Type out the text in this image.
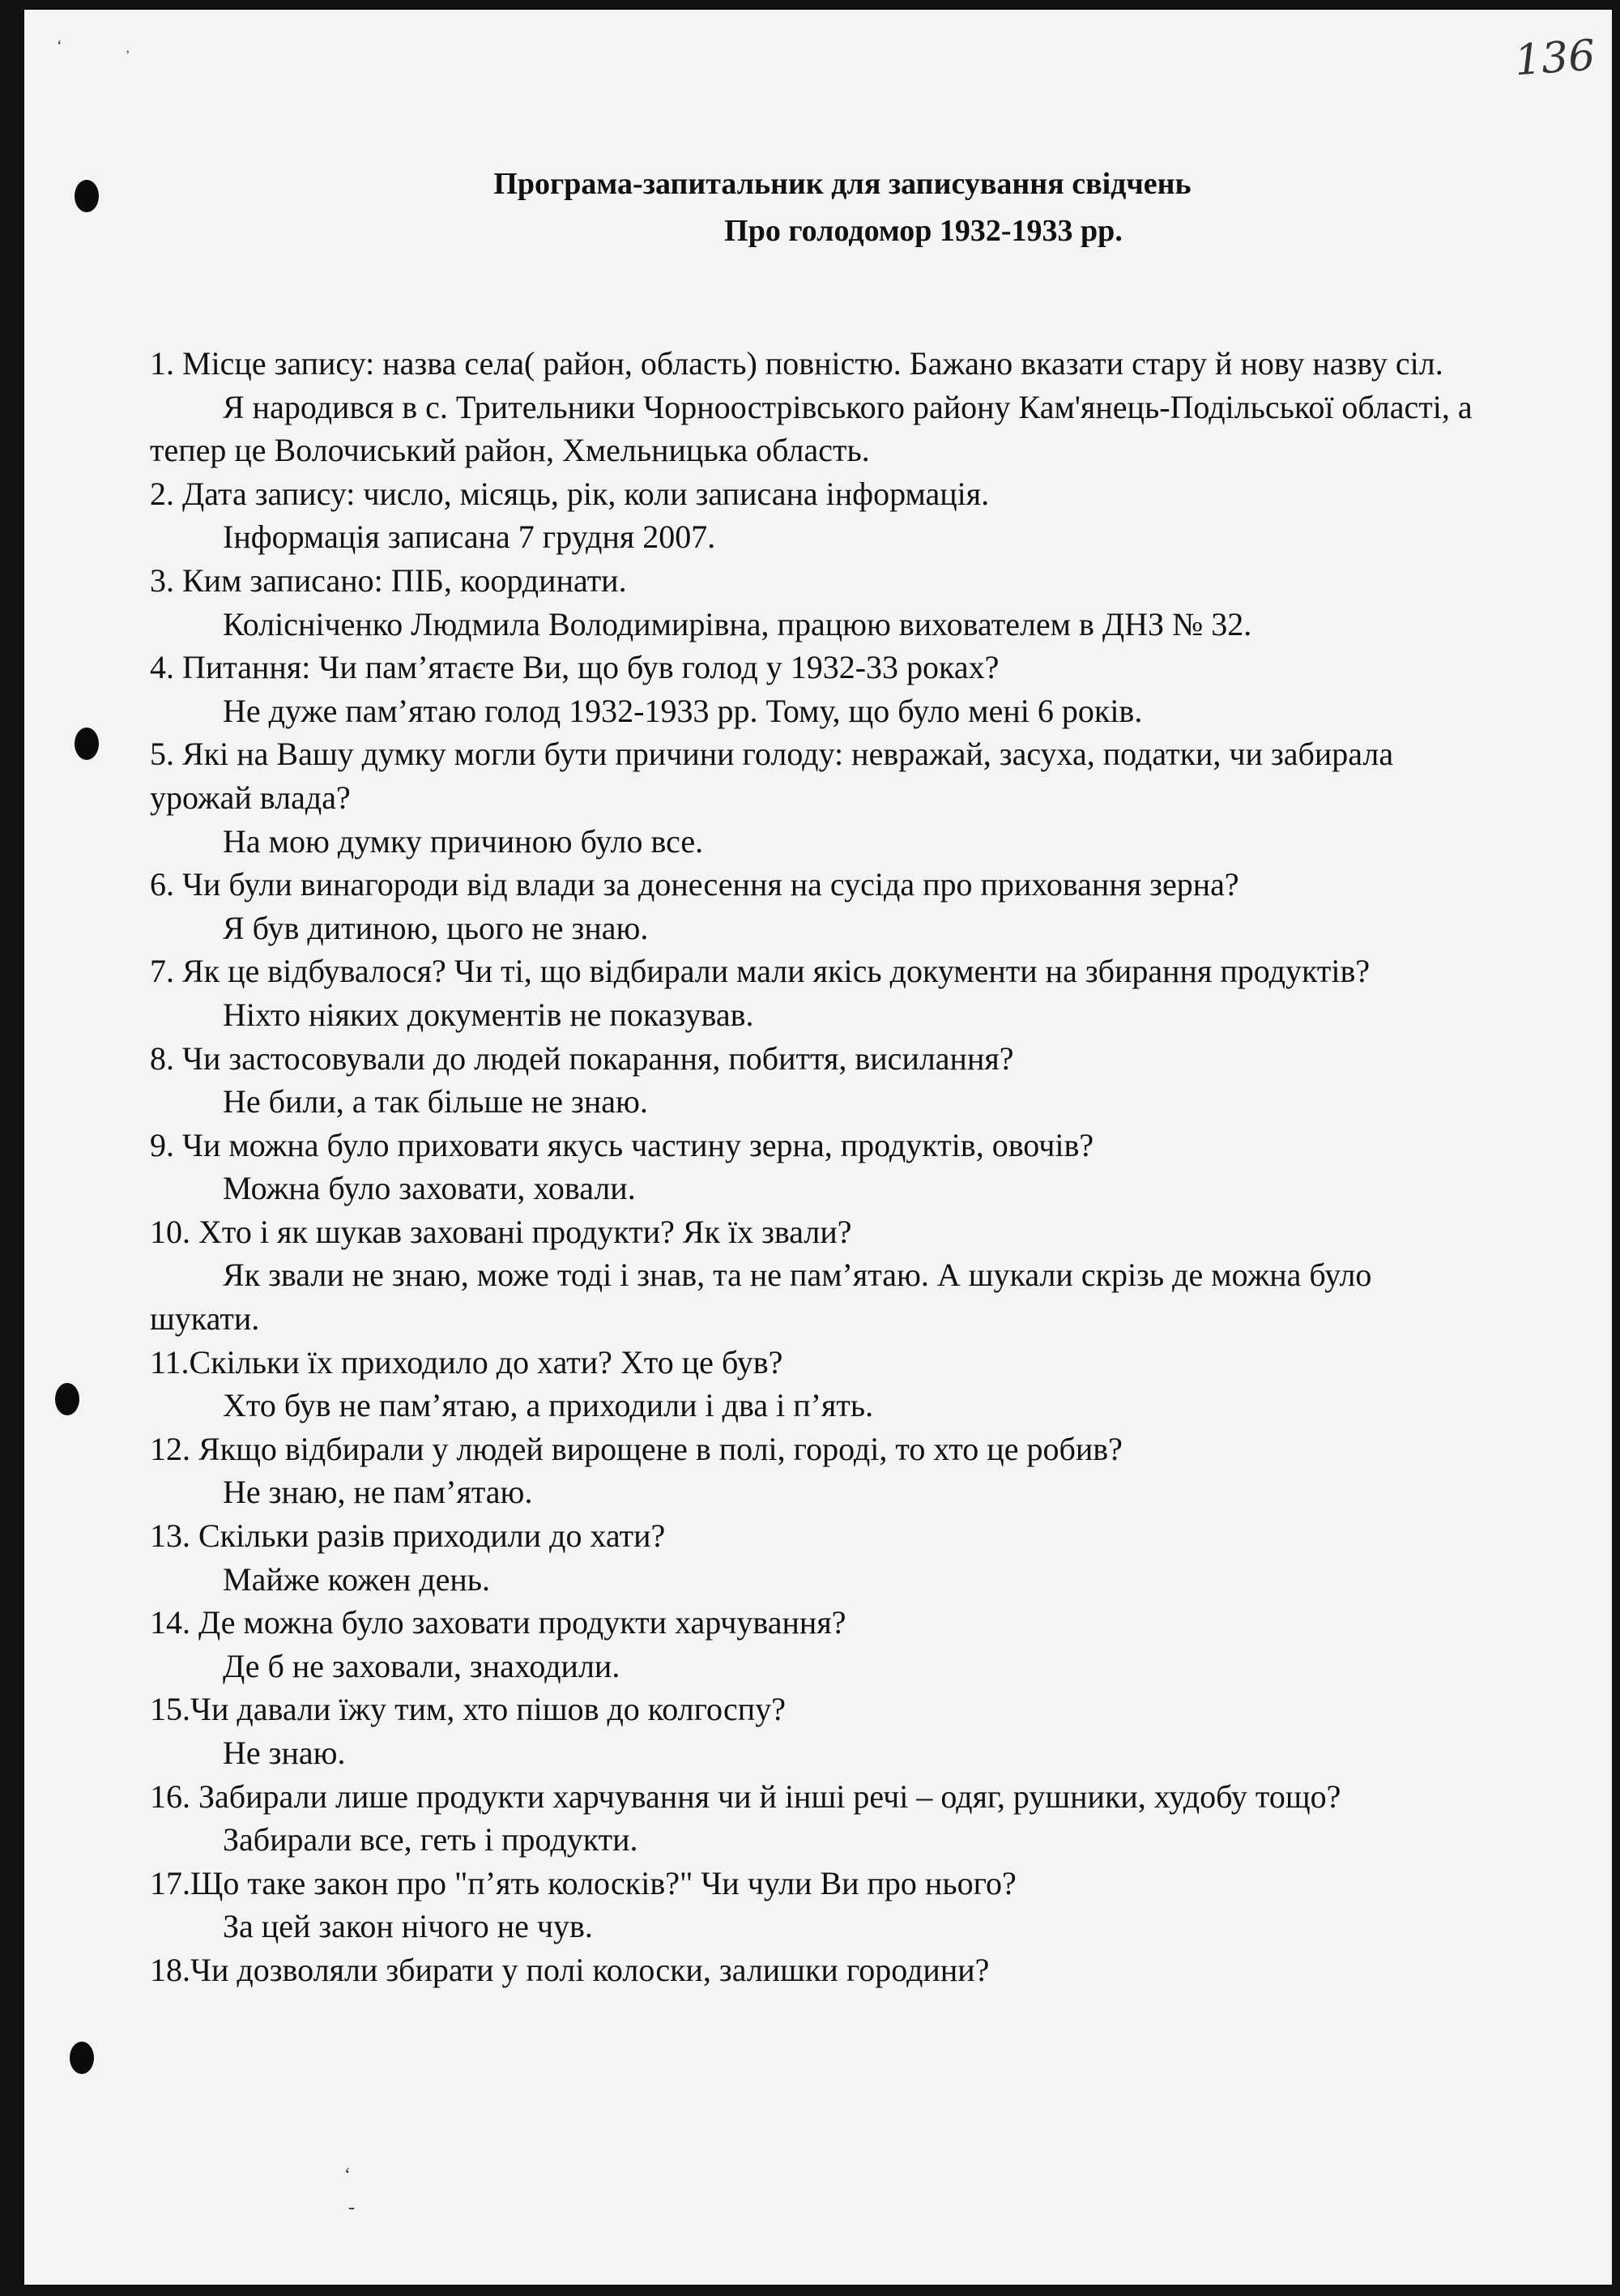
ʻ
ʼ
ʻ
‐
136
Програма-запитальник для записування свідчень
Про голодомор 1932-1933 рр.

1. Місце запису: назва села( район, область) повністю. Бажано вказати стару й нову назву сіл.

Я народився в с. Трительники Чорноострівського району Кам'янець-Подільської області, а тепер це Волочиський район, Хмельницька область.

2. Дата запису: число, місяць, рік, коли записана інформація.

Інформація записана 7 грудня 2007.

3. Ким записано: ПІБ, координати.

Колісніченко Людмила Володимирівна, працюю вихователем в ДНЗ № 32.

4. Питання: Чи пам’ятаєте Ви, що був голод у 1932-33 роках?

Не дуже пам’ятаю голод 1932-1933 рр. Тому, що було мені 6 років.

5. Які на Вашу думку могли бути причини голоду: невражай, засуха, податки, чи забирала урожай влада?

На мою думку причиною було все.

6. Чи були винагороди від влади за донесення на сусіда про приховання зерна?

Я був дитиною, цього не знаю.

7. Як це відбувалося? Чи ті, що відбирали мали якісь документи на збирання продуктів?

Ніхто ніяких документів не показував.

8. Чи застосовували до людей покарання, побиття, висилання?

Не били, а так більше не знаю.

9. Чи можна було приховати якусь частину зерна, продуктів, овочів?

Можна було заховати, ховали.

10. Хто і як шукав заховані продукти? Як їх звали?

Як звали не знаю, може тоді і знав, та не пам’ятаю. А шукали скрізь де можна було шукати.

11.Скільки їх приходило до хати? Хто це був?

Хто був не пам’ятаю, а приходили і два і п’ять.

12. Якщо відбирали у людей вирощене в полі, городі, то хто це робив?

Не знаю, не пам’ятаю.

13. Скільки разів приходили до хати?

Майже кожен день.

14. Де можна було заховати продукти харчування?

Де б не заховали, знаходили.

15.Чи давали їжу тим, хто пішов до колгоспу?

Не знаю.

16. Забирали лише продукти харчування чи й інші речі – одяг, рушники, худобу тощо?

Забирали все, геть і продукти.

17.Що таке закон про "п’ять колосків?" Чи чули Ви про нього?

За цей закон нічого не чув.

18.Чи дозволяли збирати у полі колоски, залишки городини?
